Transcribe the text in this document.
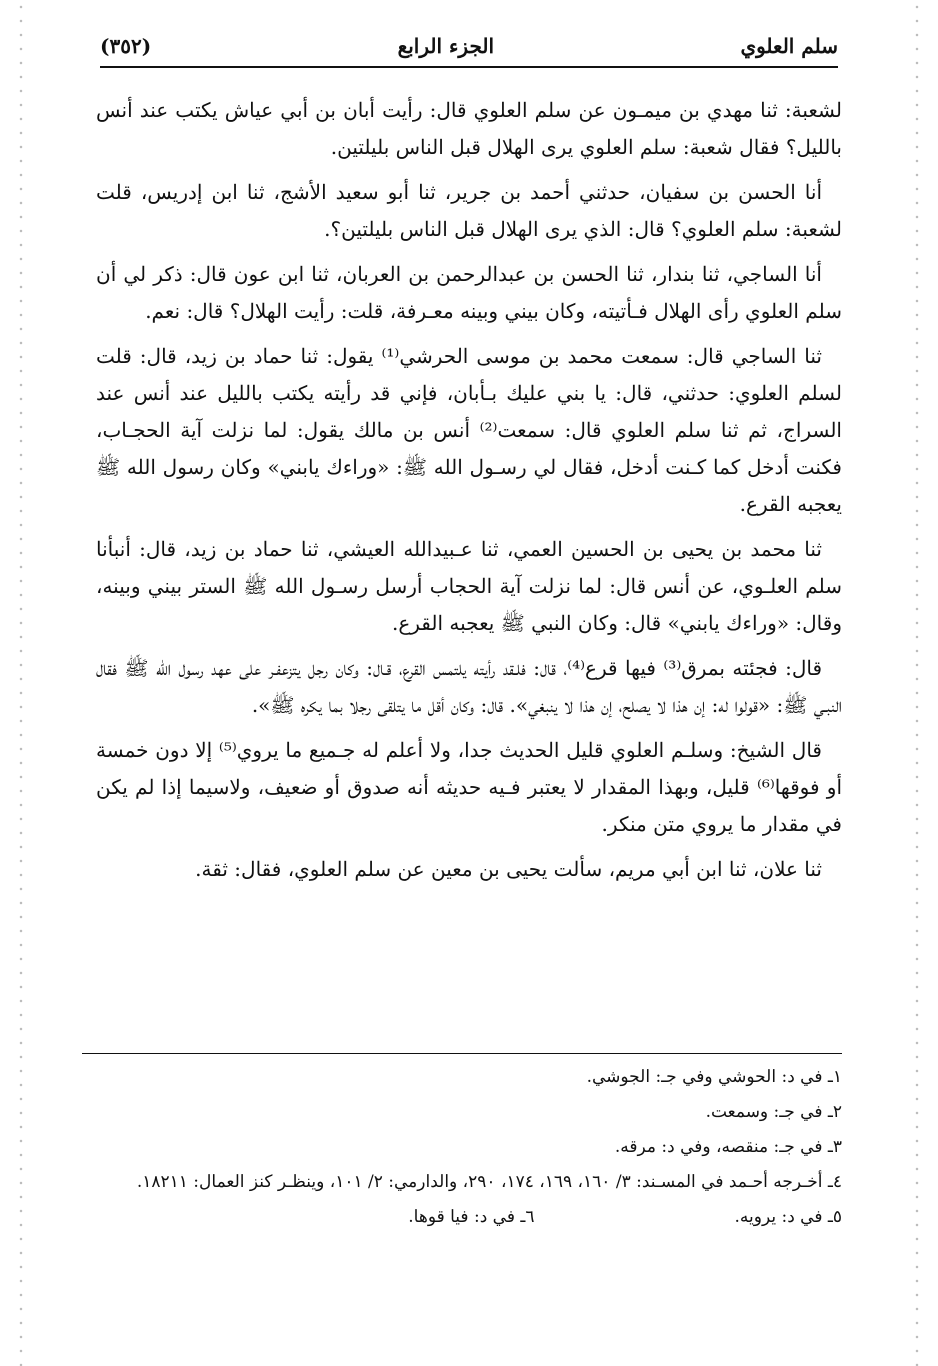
سلم العلوي
الجزء الرابع
(٣٥٢)

لشعبة: ثنا مهدي بن ميمـون عن سلم العلوي قال: رأيت أبان بن أبي عياش يكتب عند أنس بالليل؟ فقال شعبة: سلم العلوي يرى الهلال قبل الناس بليلتين.

أنا الحسن بن سفيان، حدثني أحمد بن جرير، ثنا أبو سعيد الأشج، ثنا ابن إدريس، قلت لشعبة: سلم العلوي؟ قال: الذي يرى الهلال قبل الناس بليلتين؟.

أنا الساجي، ثنا بندار، ثنا الحسن بن عبدالرحمن بن العربان، ثنا ابن عون قال: ذكر لي أن سلم العلوي رأى الهلال فـأتيته، وكان بيني وبينه معـرفة، قلت: رأيت الهلال؟ قال: نعم.

ثنا الساجي قال: سمعت محمد بن موسى الحرشي⁽¹⁾ يقول: ثنا حماد بن زيد، قال: قلت لسلم العلوي: حدثني، قال: يا بني عليك بـأبان، فإني قد رأيته يكتب بالليل عند أنس عند السراج، ثم ثنا سلم العلوي قال: سمعت⁽²⁾ أنس بن مالك يقول: لما نزلت آية الحجـاب، فكنت أدخل كما كـنت أدخل، فقال لي رسـول الله ﷺ: «وراءك يابني» وكان رسول الله ﷺ يعجبه القرع.

ثنا محمد بن يحيى بن الحسين العمي، ثنا عـبيدالله العيشي، ثنا حماد بن زيد، قال: أنبأنا سلم العلـوي، عن أنس قال: لما نزلت آية الحجاب أرسل رسـول الله ﷺ الستر بيني وبينه، وقال: «وراءك يابني» قال: وكان النبي ﷺ يعجبه القرع.

قال: فجئته بمرق⁽³⁾ فيها قرع⁽⁴⁾، قال: فلـقد رأيته يلتمس القرع، قـال: وكان رجل يتزعفـر على عهد رسول الله ﷺ فقال النبـي ﷺ: «قولوا له: إن هذا لا يصلح، إن هذا لا ينبغي». قال: وكان أقل ما يتلقى رجلا بما يكره ﷺ».

قال الشيخ: وسلـم العلوي قليل الحديث جدا، ولا أعلم له جـميع ما يروي⁽⁵⁾ إلا دون خمسة أو فوقها⁽⁶⁾ قليل، وبهذا المقدار لا يعتبر فـيه حديثه أنه صدوق أو ضعيف، ولاسيما إذا لم يكن في مقدار ما يروي متن منكر.

ثنا علان، ثنا ابن أبي مريم، سألت يحيى بن معين عن سلم العلوي، فقال: ثقة.

١ـ في د: الحوشي وفي جـ: الجوشي.

٢ـ في جـ: وسمعت.

٣ـ في جـ: منقصه، وفي د: مرقه.

٤ـ أخـرجه أحـمد في المسـند: ٣/ ١٦٠، ١٦٩، ١٧٤، ٢٩٠، والدارمي: ٢/ ١٠١، وينظـر كنز العمال: ١٨٢١١.

٥ـ في د: يرويه.
٦ـ في د: فيا قوها.
